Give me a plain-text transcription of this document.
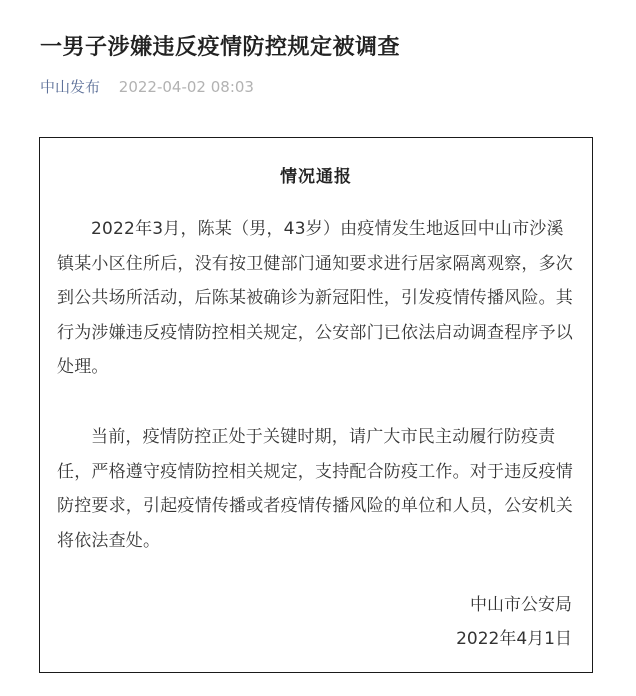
一男子涉嫌违反疫情防控规定被调查
中山发布 2022-04-02 08:03
情况通报

2022年3月，陈某（男，43岁）由疫情发生地返回中山市沙溪镇某小区住所后，没有按卫健部门通知要求进行居家隔离观察，多次到公共场所活动，后陈某被确诊为新冠阳性，引发疫情传播风险。其行为涉嫌违反疫情防控相关规定，公安部门已依法启动调查程序予以处理。

当前，疫情防控正处于关键时期，请广大市民主动履行防疫责任，严格遵守疫情防控相关规定，支持配合防疫工作。对于违反疫情防控要求，引起疫情传播或者疫情传播风险的单位和人员，公安机关将依法查处。

中山市公安局
2022年4月1日
